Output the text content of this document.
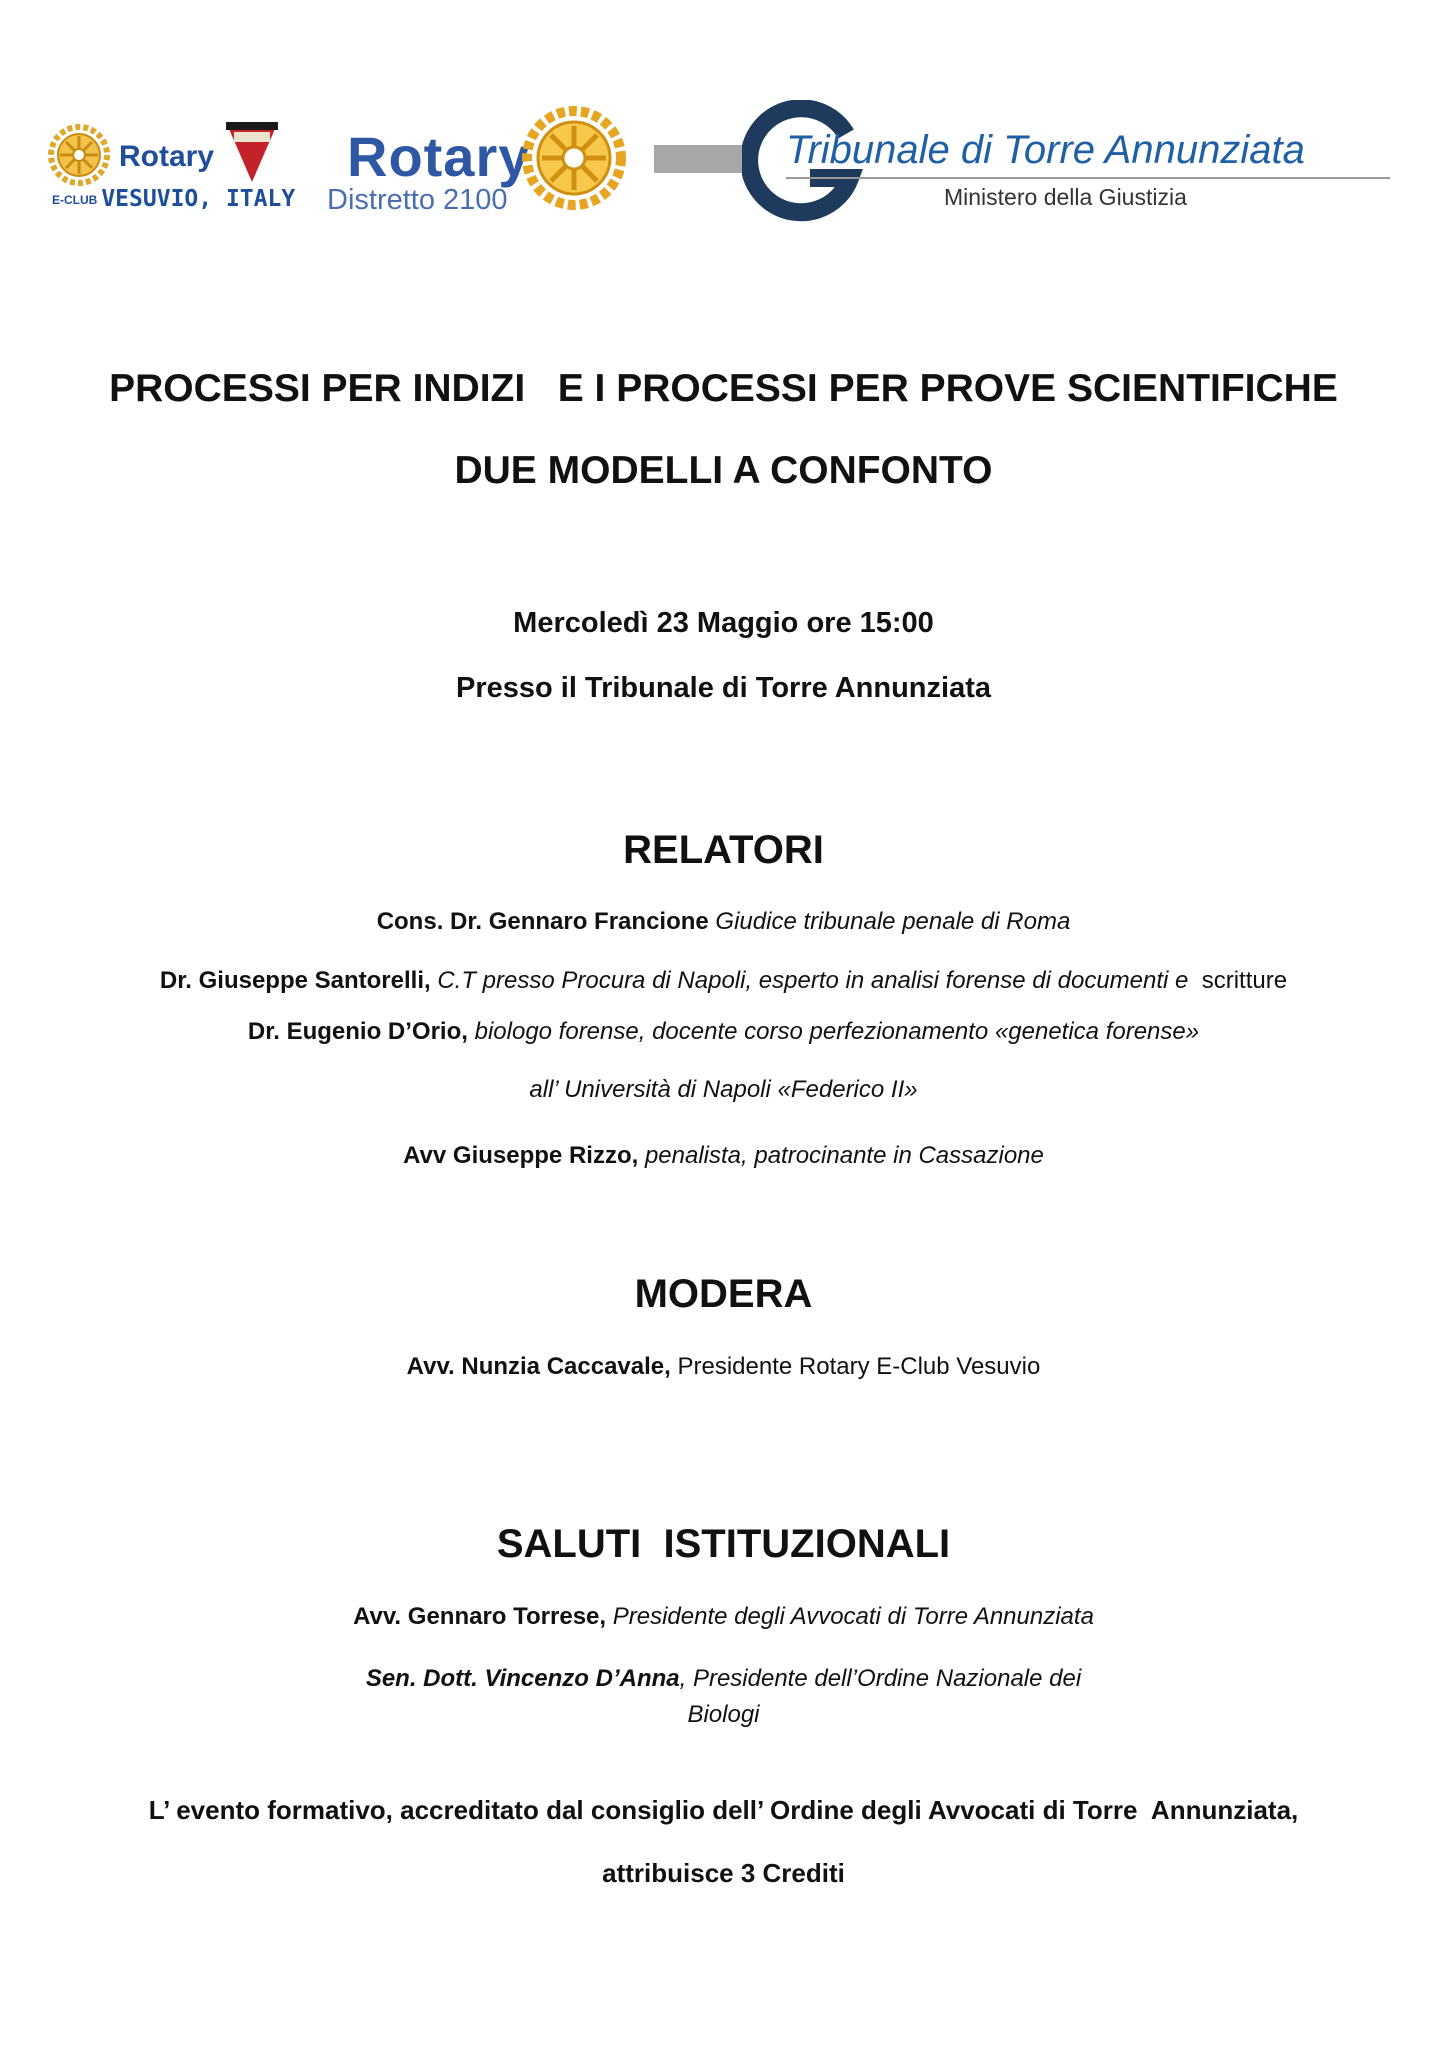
Rotary
E-CLUB VESUVIO, ITALY
Rotary
Distretto 2100
Tribunale di Torre Annunziata
Ministero della Giustizia
PROCESSI PER INDIZI   E I PROCESSI PER PROVE SCIENTIFICHE
DUE MODELLI A CONFONTO
Mercoledì 23 Maggio ore 15:00
Presso il Tribunale di Torre Annunziata
RELATORI
Cons. Dr. Gennaro Francione Giudice tribunale penale di Roma
Dr. Giuseppe Santorelli, C.T presso Procura di Napoli, esperto in analisi forense di documenti e  scritture
Dr. Eugenio D’Orio, biologo forense, docente corso perfezionamento «genetica forense»
all’ Università di Napoli «Federico II»
Avv Giuseppe Rizzo, penalista, patrocinante in Cassazione
MODERA
Avv. Nunzia Caccavale, Presidente Rotary E-Club Vesuvio
SALUTI  ISTITUZIONALI
Avv. Gennaro Torrese, Presidente degli Avvocati di Torre Annunziata
Sen. Dott. Vincenzo D’Anna, Presidente dell’Ordine Nazionale dei
Biologi
L’ evento formativo, accreditato dal consiglio dell’ Ordine degli Avvocati di Torre  Annunziata,
attribuisce 3 Crediti
